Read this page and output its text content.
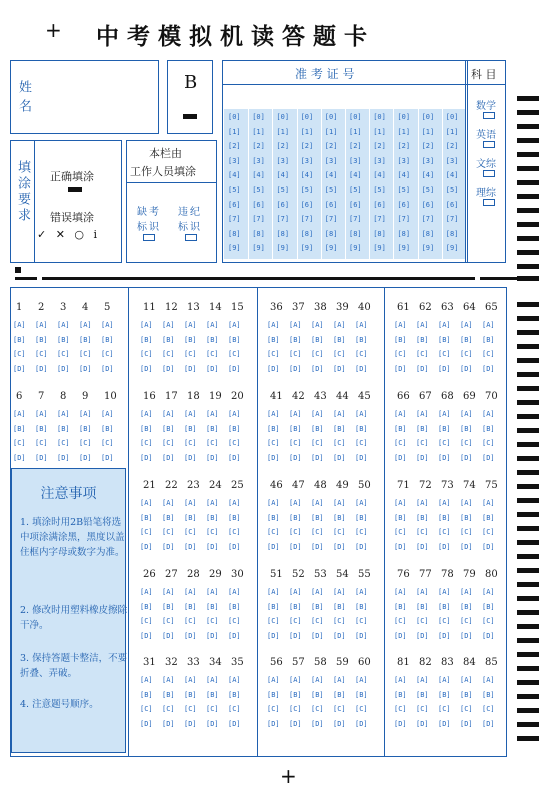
+ 中考模拟机读答题卡
+
姓名	B	准 考 证 号
[0]
[1]
[2]
[3]
[4]
[5]
[6]
[7]
[8]
[9]
[0]
[1]
[2]
[3]
[4]
[5]
[6]
[7]
[8]
[9]
[0]
[1]
[2]
[3]
[4]
[5]
[6]
[7]
[8]
[9]
[0]
[1]
[2]
[3]
[4]
[5]
[6]
[7]
[8]
[9]
[0]
[1]
[2]
[3]
[4]
[5]
[6]
[7]
[8]
[9]
[0]
[1]
[2]
[3]
[4]
[5]
[6]
[7]
[8]
[9]
[0]
[1]
[2]
[3]
[4]
[5]
[6]
[7]
[8]
[9]
[0]
[1]
[2]
[3]
[4]
[5]
[6]
[7]
[8]
[9]
[0]
[1]
[2]
[3]
[4]
[5]
[6]
[7]
[8]
[9]
[0]
[1]
[2]
[3]
[4]
[5]
[6]
[7]
[8]
[9]
科 目
数学
英语
文综
理综
填涂要求 正确填涂
错误填涂
✓ ✕ ○ ⅰ
本栏由
工作人员填涂
缺考标识
违纪标识
1
[A]
[B]
[C]
[D]
2
[A]
[B]
[C]
[D]
3
[A]
[B]
[C]
[D]
4
[A]
[B]
[C]
[D]
5
[A]
[B]
[C]
[D]
6
[A]
[B]
[C]
[D]
7
[A]
[B]
[C]
[D]
8
[A]
[B]
[C]
[D]
9
[A]
[B]
[C]
[D]
10
[A]
[B]
[C]
[D]
11
[A]
[B]
[C]
[D]
12
[A]
[B]
[C]
[D]
13
[A]
[B]
[C]
[D]
14
[A]
[B]
[C]
[D]
15
[A]
[B]
[C]
[D]
16
[A]
[B]
[C]
[D]
17
[A]
[B]
[C]
[D]
18
[A]
[B]
[C]
[D]
19
[A]
[B]
[C]
[D]
20
[A]
[B]
[C]
[D]
21
[A]
[B]
[C]
[D]
22
[A]
[B]
[C]
[D]
23
[A]
[B]
[C]
[D]
24
[A]
[B]
[C]
[D]
25
[A]
[B]
[C]
[D]
26
[A]
[B]
[C]
[D]
27
[A]
[B]
[C]
[D]
28
[A]
[B]
[C]
[D]
29
[A]
[B]
[C]
[D]
30
[A]
[B]
[C]
[D]
31
[A]
[B]
[C]
[D]
32
[A]
[B]
[C]
[D]
33
[A]
[B]
[C]
[D]
34
[A]
[B]
[C]
[D]
35
[A]
[B]
[C]
[D]
36
[A]
[B]
[C]
[D]
37
[A]
[B]
[C]
[D]
38
[A]
[B]
[C]
[D]
39
[A]
[B]
[C]
[D]
40
[A]
[B]
[C]
[D]
41
[A]
[B]
[C]
[D]
42
[A]
[B]
[C]
[D]
43
[A]
[B]
[C]
[D]
44
[A]
[B]
[C]
[D]
45
[A]
[B]
[C]
[D]
46
[A]
[B]
[C]
[D]
47
[A]
[B]
[C]
[D]
48
[A]
[B]
[C]
[D]
49
[A]
[B]
[C]
[D]
50
[A]
[B]
[C]
[D]
51
[A]
[B]
[C]
[D]
52
[A]
[B]
[C]
[D]
53
[A]
[B]
[C]
[D]
54
[A]
[B]
[C]
[D]
55
[A]
[B]
[C]
[D]
56
[A]
[B]
[C]
[D]
57
[A]
[B]
[C]
[D]
58
[A]
[B]
[C]
[D]
59
[A]
[B]
[C]
[D]
60
[A]
[B]
[C]
[D]
61
[A]
[B]
[C]
[D]
62
[A]
[B]
[C]
[D]
63
[A]
[B]
[C]
[D]
64
[A]
[B]
[C]
[D]
65
[A]
[B]
[C]
[D]
66
[A]
[B]
[C]
[D]
67
[A]
[B]
[C]
[D]
68
[A]
[B]
[C]
[D]
69
[A]
[B]
[C]
[D]
70
[A]
[B]
[C]
[D]
71
[A]
[B]
[C]
[D]
72
[A]
[B]
[C]
[D]
73
[A]
[B]
[C]
[D]
74
[A]
[B]
[C]
[D]
75
[A]
[B]
[C]
[D]
76
[A]
[B]
[C]
[D]
77
[A]
[B]
[C]
[D]
78
[A]
[B]
[C]
[D]
79
[A]
[B]
[C]
[D]
80
[A]
[B]
[C]
[D]
81
[A]
[B]
[C]
[D]
82
[A]
[B]
[C]
[D]
83
[A]
[B]
[C]
[D]
84
[A]
[B]
[C]
[D]
85
[A]
[B]
[C]
[D]
注意事项
1. 填涂时用2B铅笔将选中项涂满涂黑，黑度以盖住框内字母或数字为准。
2. 修改时用塑料橡皮擦除干净。
3. 保持答题卡整洁，不要折叠、弄破。
4. 注意题号顺序。
